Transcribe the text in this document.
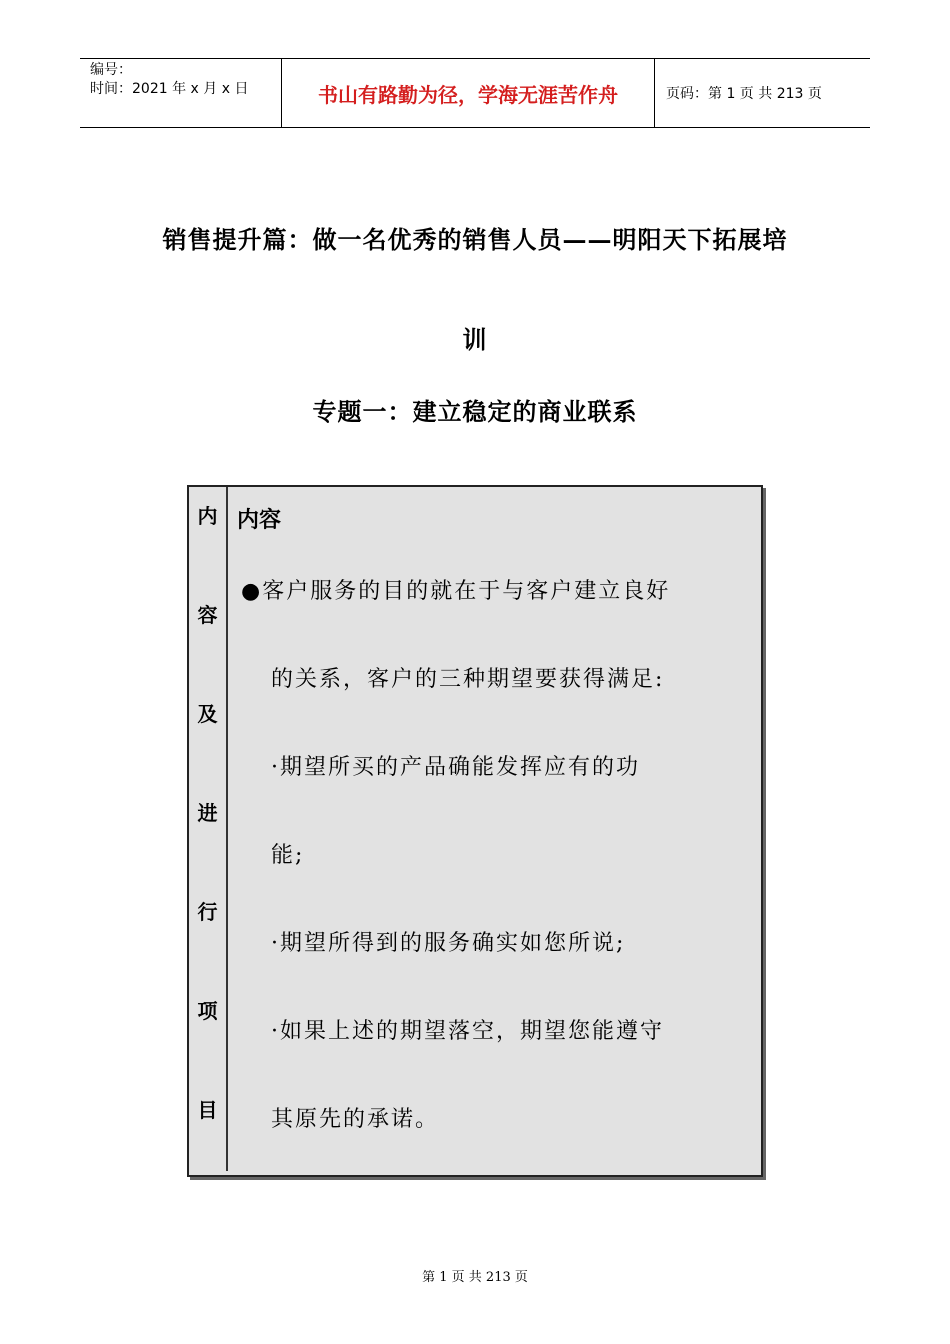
编号：
时间：2021 年 x 月 x 日	书山有路勤为径，学海无涯苦作舟	页码：第 1 页 共 213 页
销售提升篇：做一名优秀的销售人员——明阳天下拓展培
训
专题一：建立稳定的商业联系
内
容
及
进
行
项
目
内容
●客户服务的目的就在于与客户建立良好
的关系，客户的三种期望要获得满足:
·期望所买的产品确能发挥应有的功
能;
·期望所得到的服务确实如您所说;
·如果上述的期望落空，期望您能遵守
其原先的承诺。
第 1 页 共 213 页
